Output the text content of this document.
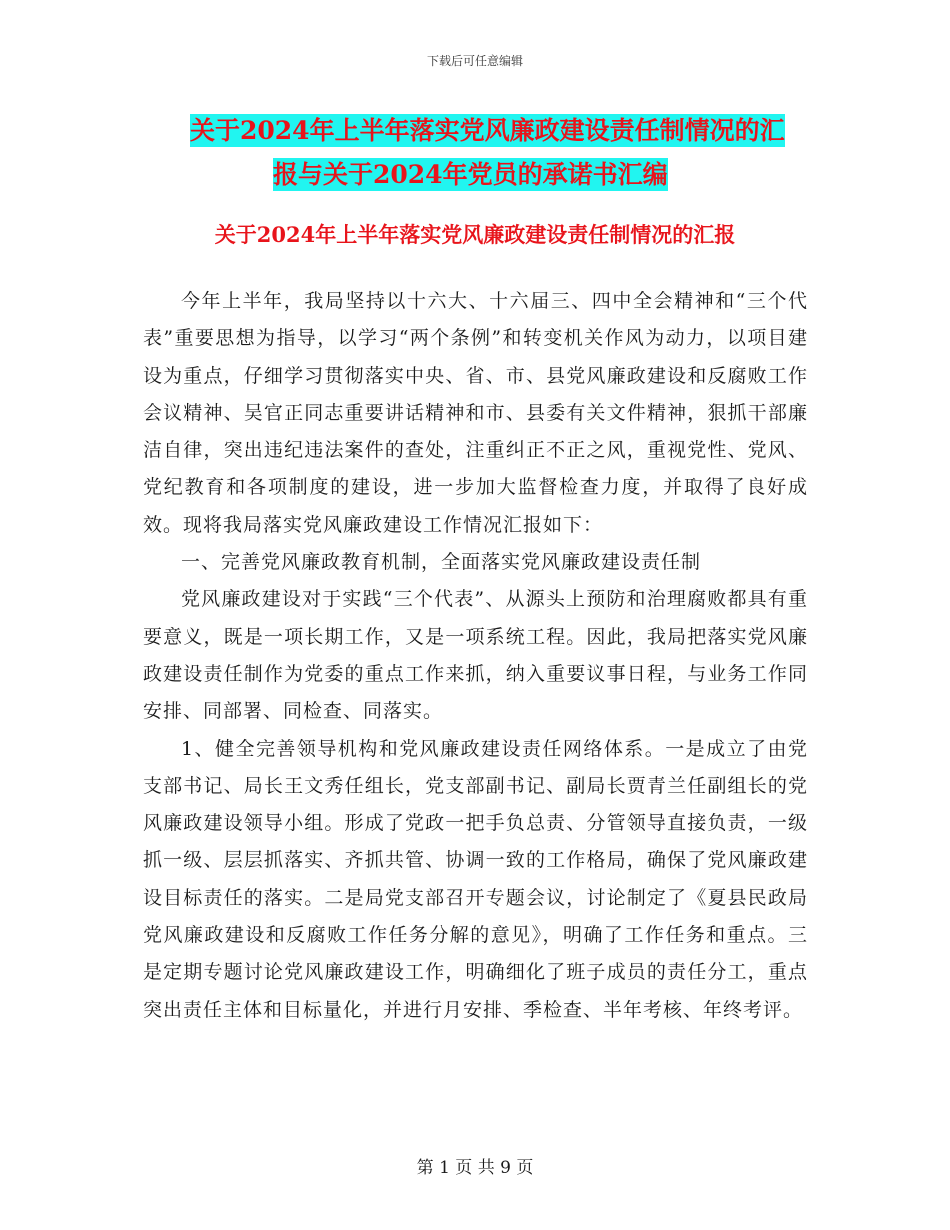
下载后可任意编辑
关于2024年上半年落实党风廉政建设责任制情况的汇
报与关于2024年党员的承诺书汇编
关于2024年上半年落实党风廉政建设责任制情况的汇报

今年上半年，我局坚持以十六大、十六届三、四中全会精神和“三个代表”重要思想为指导，以学习“两个条例”和转变机关作风为动力，以项目建设为重点，仔细学习贯彻落实中央、省、市、县党风廉政建设和反腐败工作会议精神、吴官正同志重要讲话精神和市、县委有关文件精神，狠抓干部廉洁自律，突出违纪违法案件的查处，注重纠正不正之风，重视党性、党风、党纪教育和各项制度的建设，进一步加大监督检查力度，并取得了良好成效。现将我局落实党风廉政建设工作情况汇报如下：

一、完善党风廉政教育机制，全面落实党风廉政建设责任制

党风廉政建设对于实践“三个代表”、从源头上预防和治理腐败都具有重要意义，既是一项长期工作，又是一项系统工程。因此，我局把落实党风廉政建设责任制作为党委的重点工作来抓，纳入重要议事日程，与业务工作同安排、同部署、同检查、同落实。

1、健全完善领导机构和党风廉政建设责任网络体系。一是成立了由党支部书记、局长王文秀任组长，党支部副书记、副局长贾青兰任副组长的党风廉政建设领导小组。形成了党政一把手负总责、分管领导直接负责，一级抓一级、层层抓落实、齐抓共管、协调一致的工作格局，确保了党风廉政建设目标责任的落实。二是局党支部召开专题会议，讨论制定了《夏县民政局党风廉政建设和反腐败工作任务分解的意见》，明确了工作任务和重点。三是定期专题讨论党风廉政建设工作，明确细化了班子成员的责任分工，重点突出责任主体和目标量化，并进行月安排、季检查、半年考核、年终考评。

第 1 页 共 9 页
